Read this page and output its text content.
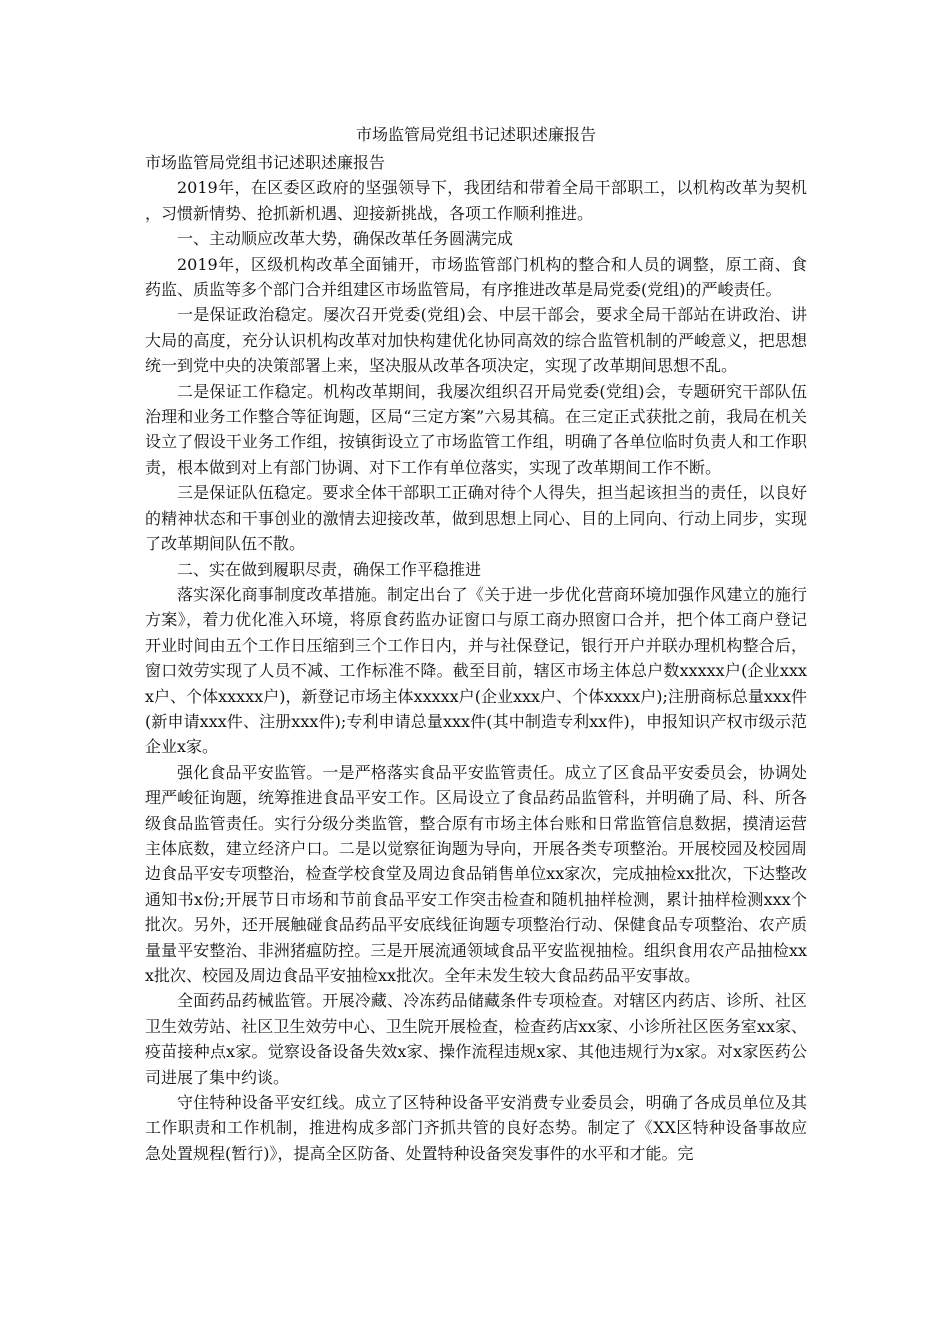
市场监管局党组书记述职述廉报告

市场监管局党组书记述职述廉报告

2019年，在区委区政府的坚强领导下，我团结和带着全局干部职工，以机构改革为契机，习惯新情势、抢抓新机遇、迎接新挑战，各项工作顺利推进。

一、主动顺应改革大势，确保改革任务圆满完成

2019年，区级机构改革全面铺开，市场监管部门机构的整合和人员的调整，原工商、食药监、质监等多个部门合并组建区市场监管局，有序推进改革是局党委(党组)的严峻责任。

一是保证政治稳定。屡次召开党委(党组)会、中层干部会，要求全局干部站在讲政治、讲大局的高度，充分认识机构改革对加快构建优化协同高效的综合监管机制的严峻意义，把思想统一到党中央的决策部署上来，坚决服从改革各项决定，实现了改革期间思想不乱。

二是保证工作稳定。机构改革期间，我屡次组织召开局党委(党组)会，专题研究干部队伍治理和业务工作整合等征询题，区局“三定方案”六易其稿。在三定正式获批之前，我局在机关设立了假设干业务工作组，按镇街设立了市场监管工作组，明确了各单位临时负责人和工作职责，根本做到对上有部门协调、对下工作有单位落实，实现了改革期间工作不断。

三是保证队伍稳定。要求全体干部职工正确对待个人得失，担当起该担当的责任，以良好的精神状态和干事创业的激情去迎接改革，做到思想上同心、目的上同向、行动上同步，实现了改革期间队伍不散。

二、实在做到履职尽责，确保工作平稳推进

落实深化商事制度改革措施。制定出台了《关于进一步优化营商环境加强作风建立的施行方案》，着力优化准入环境，将原食药监办证窗口与原工商办照窗口合并，把个体工商户登记开业时间由五个工作日压缩到三个工作日内，并与社保登记，银行开户并联办理机构整合后，窗口效劳实现了人员不减、工作标准不降。截至目前，辖区市场主体总户数xxxxx户(企业xxxx户、个体xxxxx户)，新登记市场主体xxxxx户(企业xxx户、个体xxxx户);注册商标总量xxx件(新申请xxx件、注册xxx件);专利申请总量xxx件(其中制造专利xx件)，申报知识产权市级示范企业x家。

强化食品平安监管。一是严格落实食品平安监管责任。成立了区食品平安委员会，协调处理严峻征询题，统筹推进食品平安工作。区局设立了食品药品监管科，并明确了局、科、所各级食品监管责任。实行分级分类监管，整合原有市场主体台账和日常监管信息数据，摸清运营主体底数，建立经济户口。二是以觉察征询题为导向，开展各类专项整治。开展校园及校园周边食品平安专项整治，检查学校食堂及周边食品销售单位xx家次，完成抽检xx批次，下达整改通知书x份;开展节日市场和节前食品平安工作突击检查和随机抽样检测，累计抽样检测xxx个批次。另外，还开展触碰食品药品平安底线征询题专项整治行动、保健食品专项整治、农产质量量平安整治、非洲猪瘟防控。三是开展流通领域食品平安监视抽检。组织食用农产品抽检xxx批次、校园及周边食品平安抽检xx批次。全年未发生较大食品药品平安事故。

全面药品药械监管。开展冷藏、冷冻药品储藏条件专项检查。对辖区内药店、诊所、社区卫生效劳站、社区卫生效劳中心、卫生院开展检查，检查药店xx家、小诊所社区医务室xx家、疫苗接种点x家。觉察设备设备失效x家、操作流程违规x家、其他违规行为x家。对x家医药公司进展了集中约谈。

守住特种设备平安红线。成立了区特种设备平安消费专业委员会，明确了各成员单位及其工作职责和工作机制，推进构成多部门齐抓共管的良好态势。制定了《XX区特种设备事故应急处置规程(暂行)》，提高全区防备、处置特种设备突发事件的水平和才能。完
